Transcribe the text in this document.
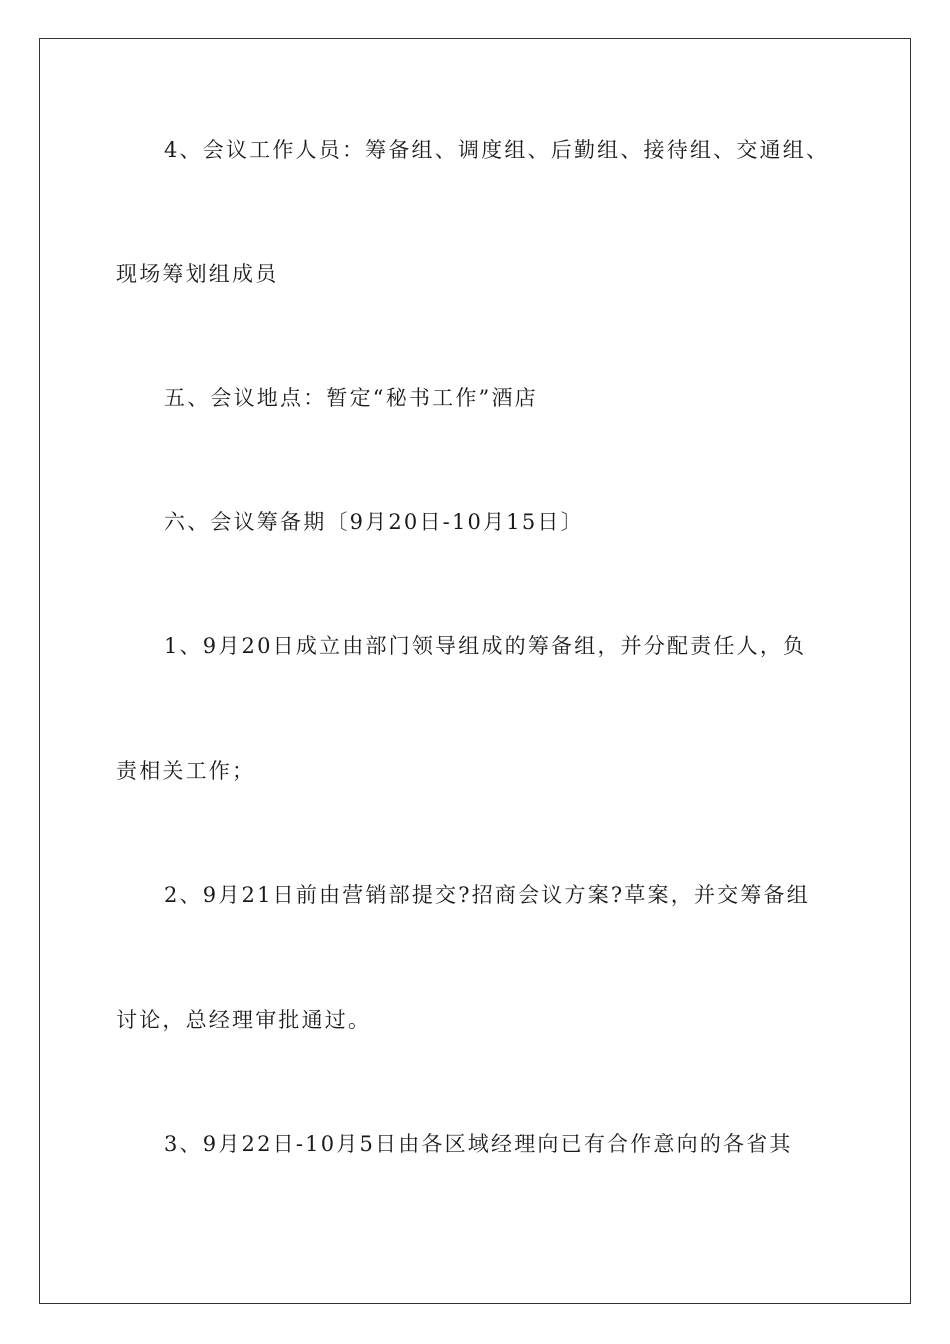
4、会议工作人员：筹备组、调度组、后勤组、接待组、交通组、
现场筹划组成员
五、会议地点：暂定“秘书工作”酒店
六、会议筹备期〔9月20日-10月15日〕
1、9月20日成立由部门领导组成的筹备组，并分配责任人，负
责相关工作；
2、9月21日前由营销部提交?招商会议方案?草案，并交筹备组
讨论，总经理审批通过。
3、9月22日-10月5日由各区域经理向已有合作意向的各省其
